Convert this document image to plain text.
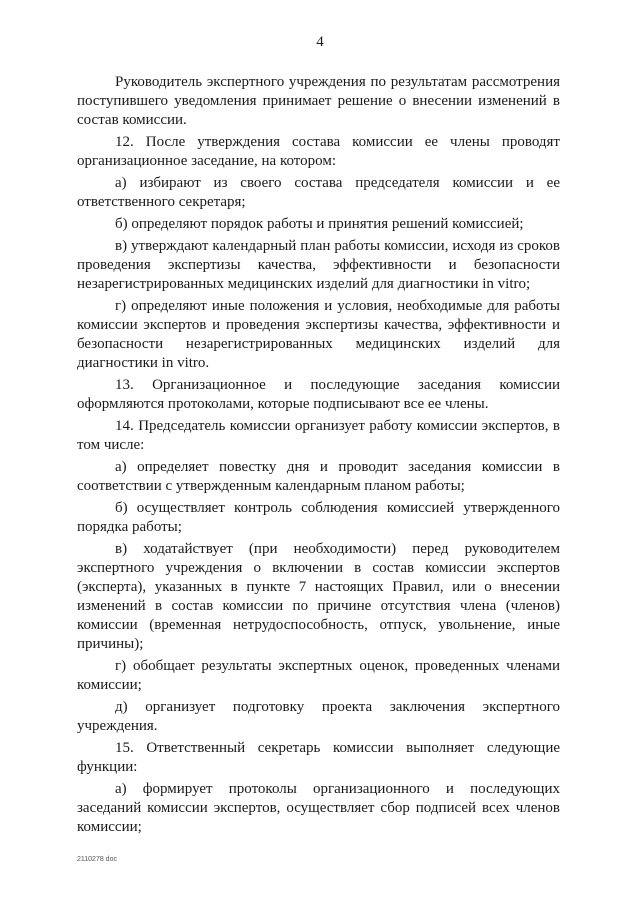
4

Руководитель экспертного учреждения по результатам рассмотрения поступившего уведомления принимает решение о внесении изменений в состав комиссии.

12. После утверждения состава комиссии ее члены проводят организационное заседание, на котором:

а) избирают из своего состава председателя комиссии и ее ответственного секретаря;

б) определяют порядок работы и принятия решений комиссией;

в) утверждают календарный план работы комиссии, исходя из сроков проведения экспертизы качества, эффективности и безопасности незарегистрированных медицинских изделий для диагностики in vitro;

г) определяют иные положения и условия, необходимые для работы комиссии экспертов и проведения экспертизы качества, эффективности и безопасности незарегистрированных медицинских изделий для диагностики in vitro.

13. Организационное и последующие заседания комиссии оформляются протоколами, которые подписывают все ее члены.

14. Председатель комиссии организует работу комиссии экспертов, в том числе:

а) определяет повестку дня и проводит заседания комиссии в соответствии с утвержденным календарным планом работы;

б) осуществляет контроль соблюдения комиссией утвержденного порядка работы;

в) ходатайствует (при необходимости) перед руководителем экспертного учреждения о включении в состав комиссии экспертов (эксперта), указанных в пункте 7 настоящих Правил, или о внесении изменений в состав комиссии по причине отсутствия члена (членов) комиссии (временная нетрудоспособность, отпуск, увольнение, иные причины);

г) обобщает результаты экспертных оценок, проведенных членами комиссии;

д) организует подготовку проекта заключения экспертного учреждения.

15. Ответственный секретарь комиссии выполняет следующие функции:

а) формирует протоколы организационного и последующих заседаний комиссии экспертов, осуществляет сбор подписей всех членов комиссии;

2110278 doc
